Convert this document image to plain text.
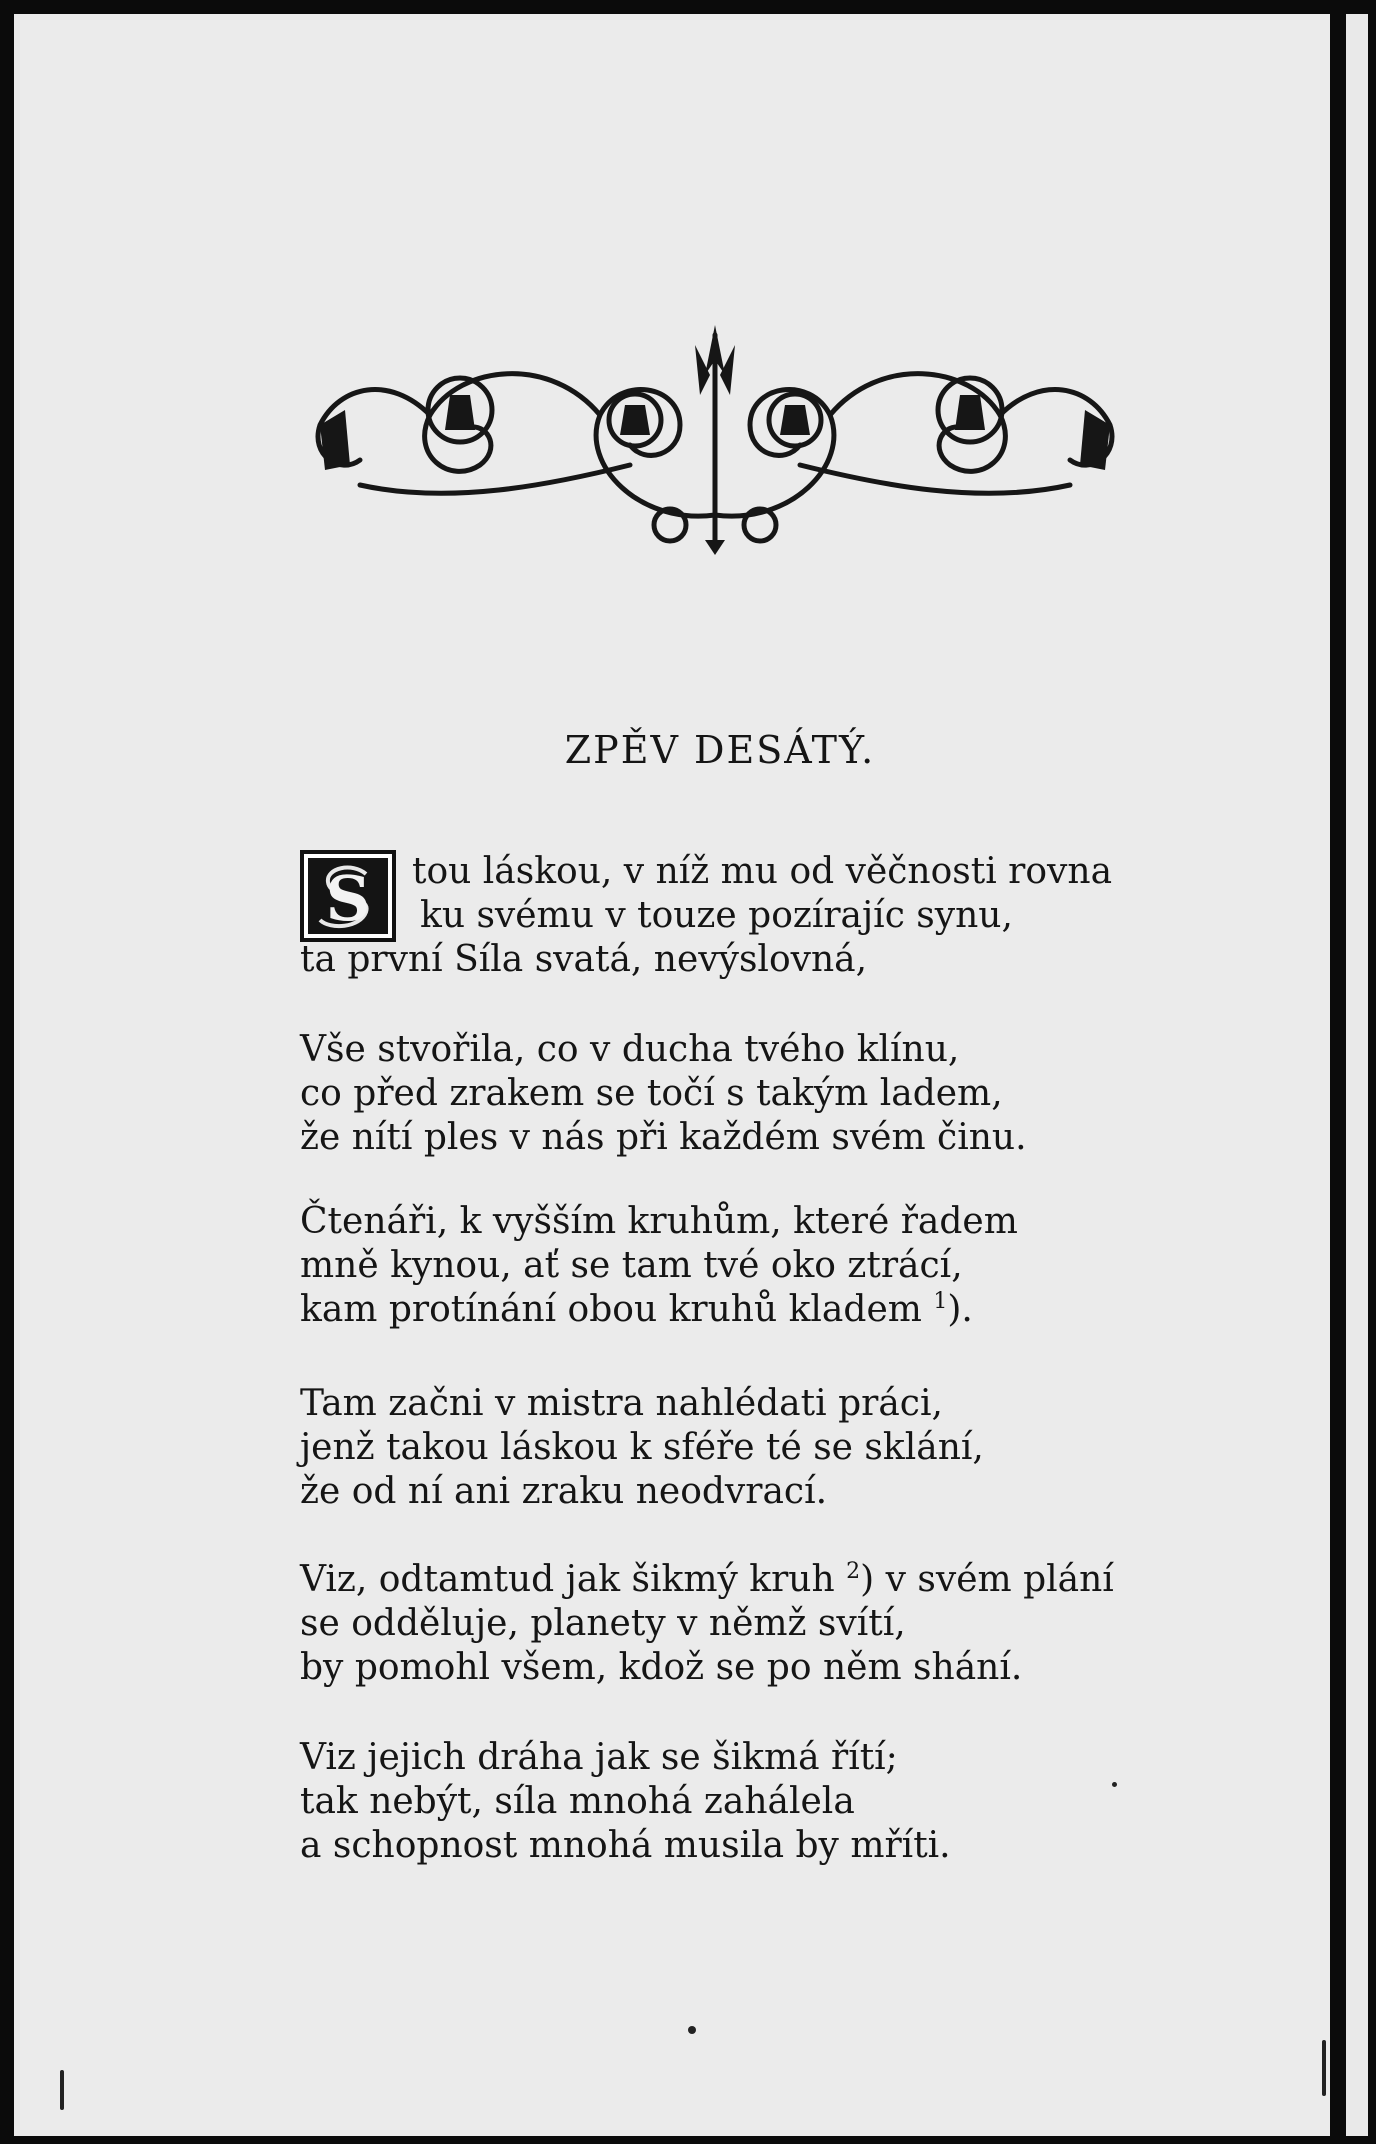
ZPĚV DESÁTÝ.
S	tou láskou, v níž mu od věčnosti rovna
ku svému v touze pozírajíc synu,
ta první Síla svatá, nevýslovná,
Vše stvořila, co v ducha tvého klínu,
co před zrakem se točí s takým ladem,
že nítí ples v nás při každém svém činu.
Čtenáři, k vyšším kruhům, které řadem
mně kynou, ať se tam tvé oko ztrácí,
kam protínání obou kruhů kladem $^1$).
Tam začni v mistra nahlédati práci,
jenž takou láskou k sféře té se sklání,
že od ní ani zraku neodvrací.
Viz, odtamtud jak šikmý kruh $^2$) v svém plání
se odděluje, planety v němž svítí,
by pomohl všem, kdož se po něm shání.
Viz jejich dráha jak se šikmá řítí;
tak nebýt, síla mnohá zahálela
a schopnost mnohá musila by mříti.
